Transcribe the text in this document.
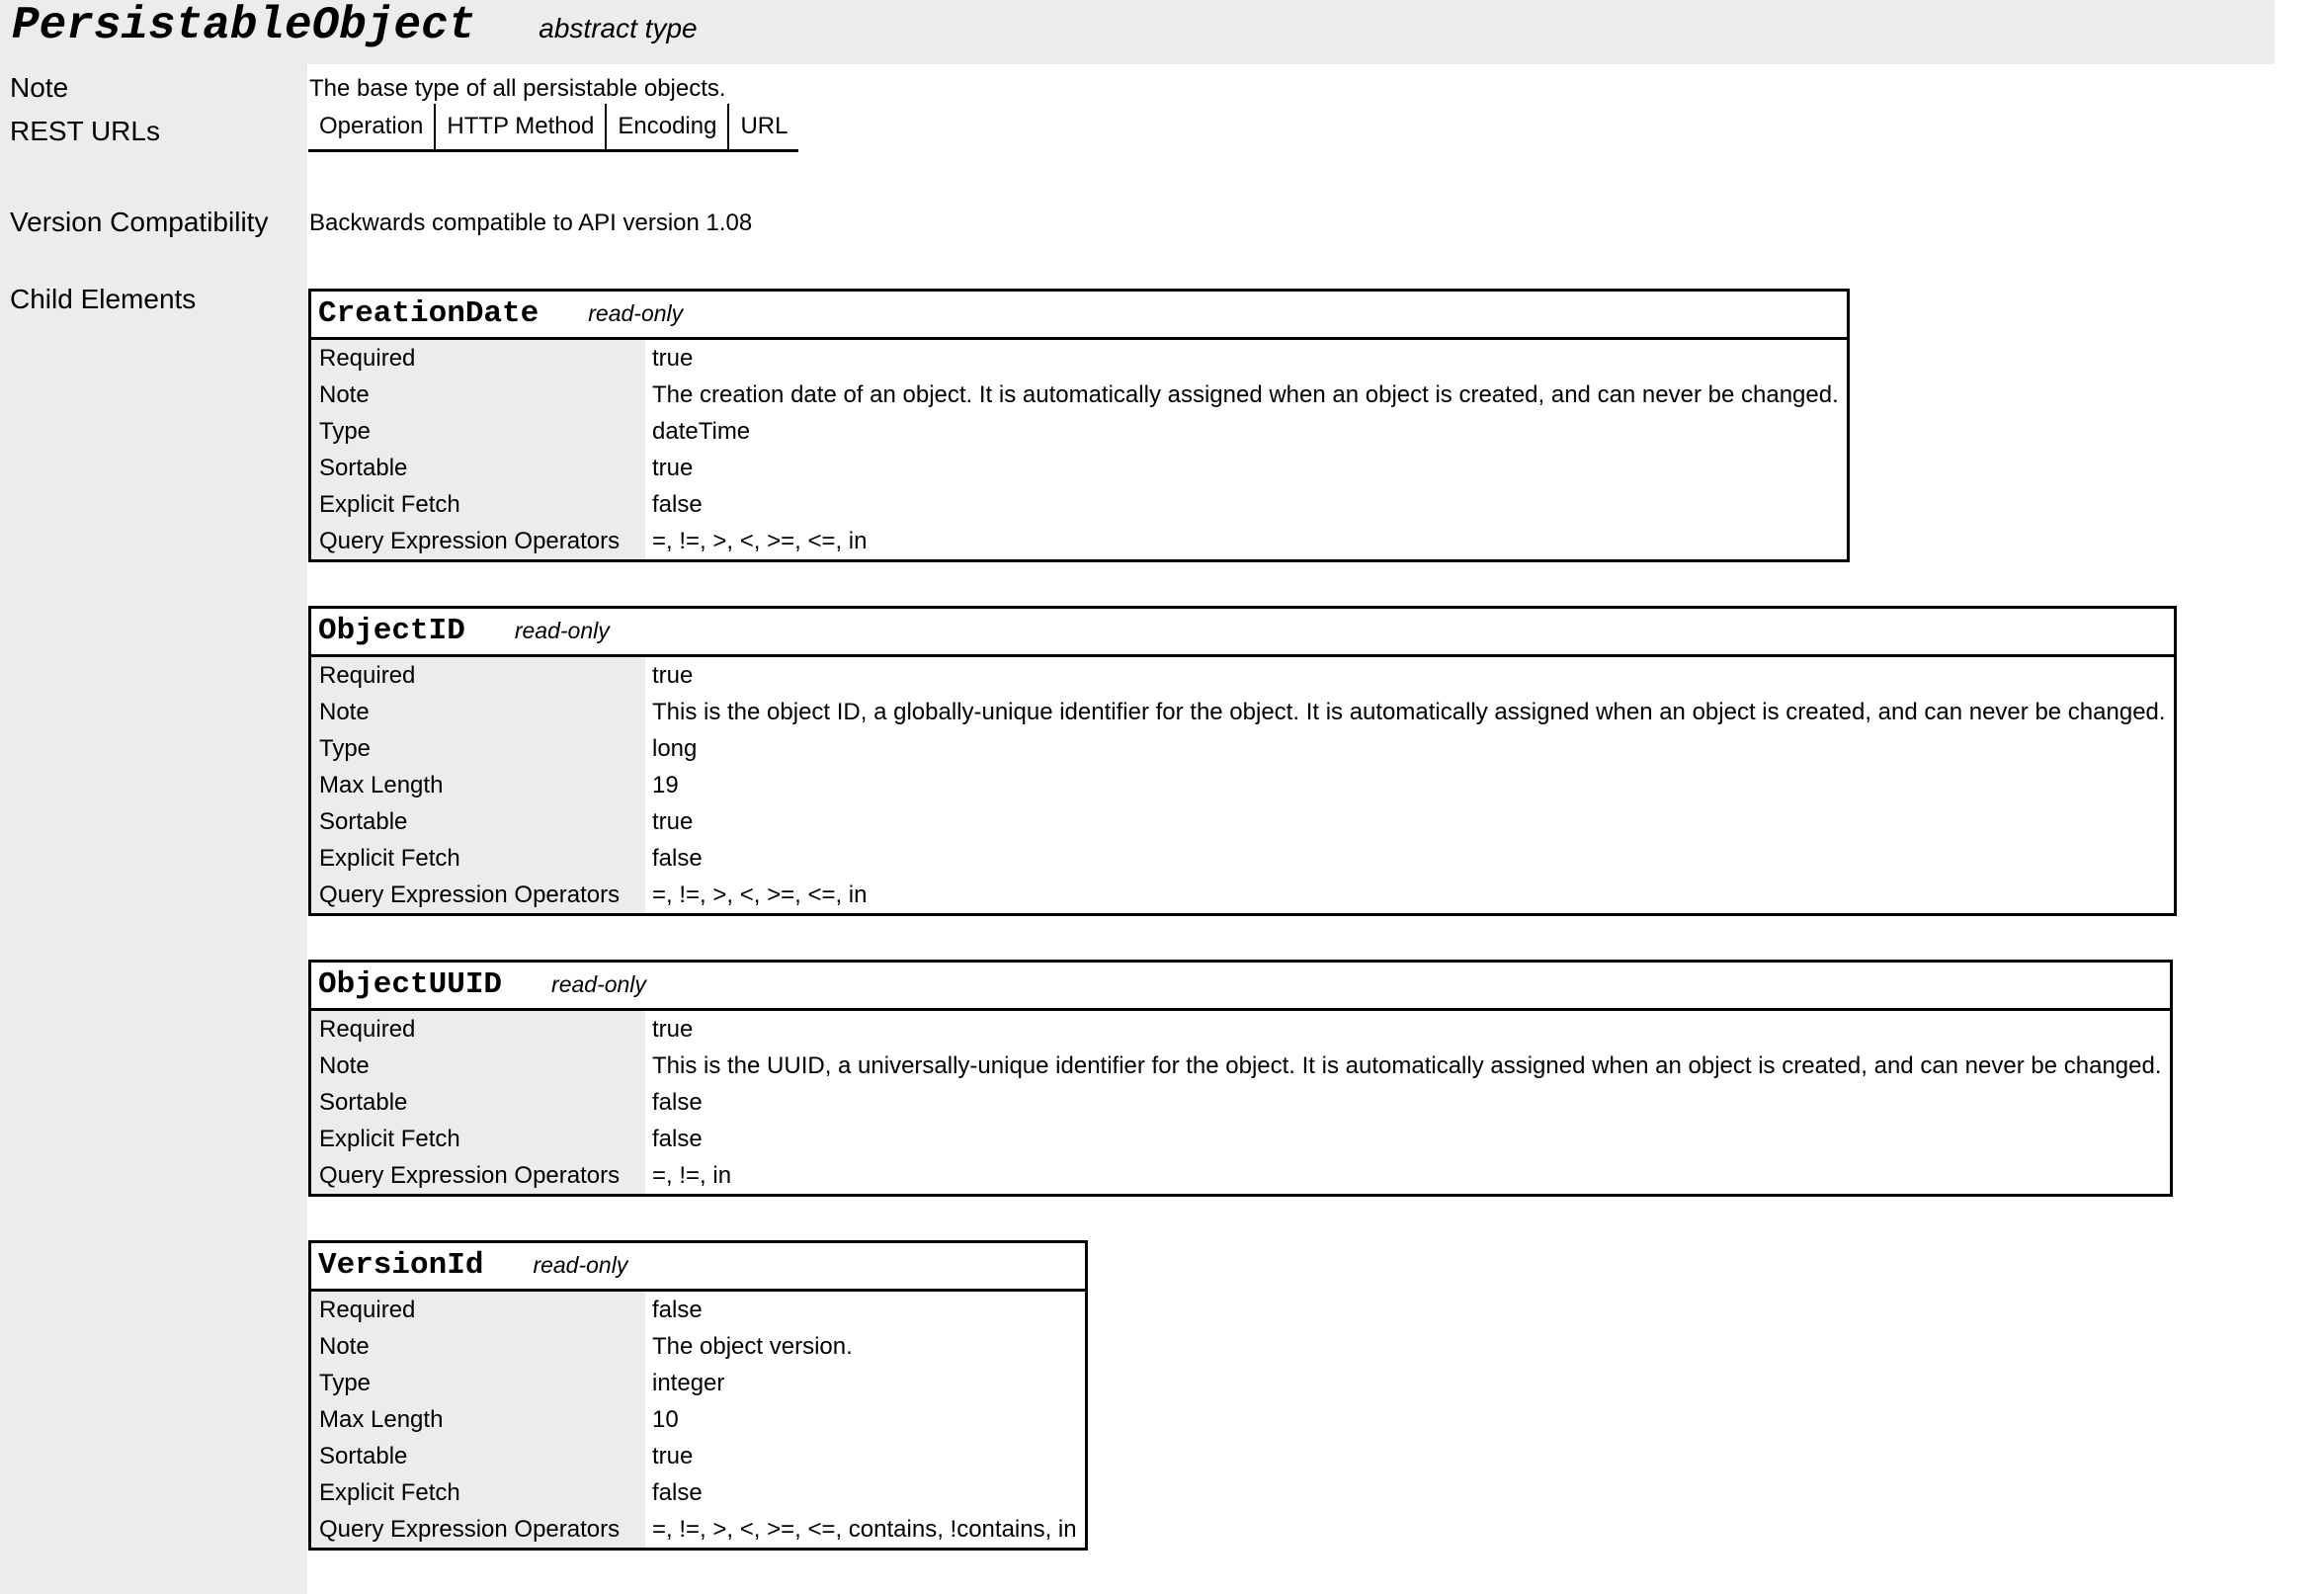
PersistableObject abstract type
Note	The base type of all persistable objects.
REST URLs	Operation	HTTP Method	Encoding	URL
Version Compatibility	Backwards compatible to API version 1.08
Child Elements	CreationDate read-only	
Required	true
Note	The creation date of an object. It is automatically assigned when an object is created, and can never be changed.
Type	dateTime
Sortable	true
Explicit Fetch	false
Query Expression Operators	=, !=, >, <, >=, <=, in
ObjectID read-only	
Required	true
Note	This is the object ID, a globally-unique identifier for the object. It is automatically assigned when an object is created, and can never be changed.
Type	long
Max Length	19
Sortable	true
Explicit Fetch	false
Query Expression Operators	=, !=, >, <, >=, <=, in
ObjectUUID read-only	
Required	true
Note	This is the UUID, a universally-unique identifier for the object. It is automatically assigned when an object is created, and can never be changed.
Sortable	false
Explicit Fetch	false
Query Expression Operators	=, !=, in
VersionId read-only	
Required	false
Note	The object version.
Type	integer
Max Length	10
Sortable	true
Explicit Fetch	false
Query Expression Operators	=, !=, >, <, >=, <=, contains, !contains, in
